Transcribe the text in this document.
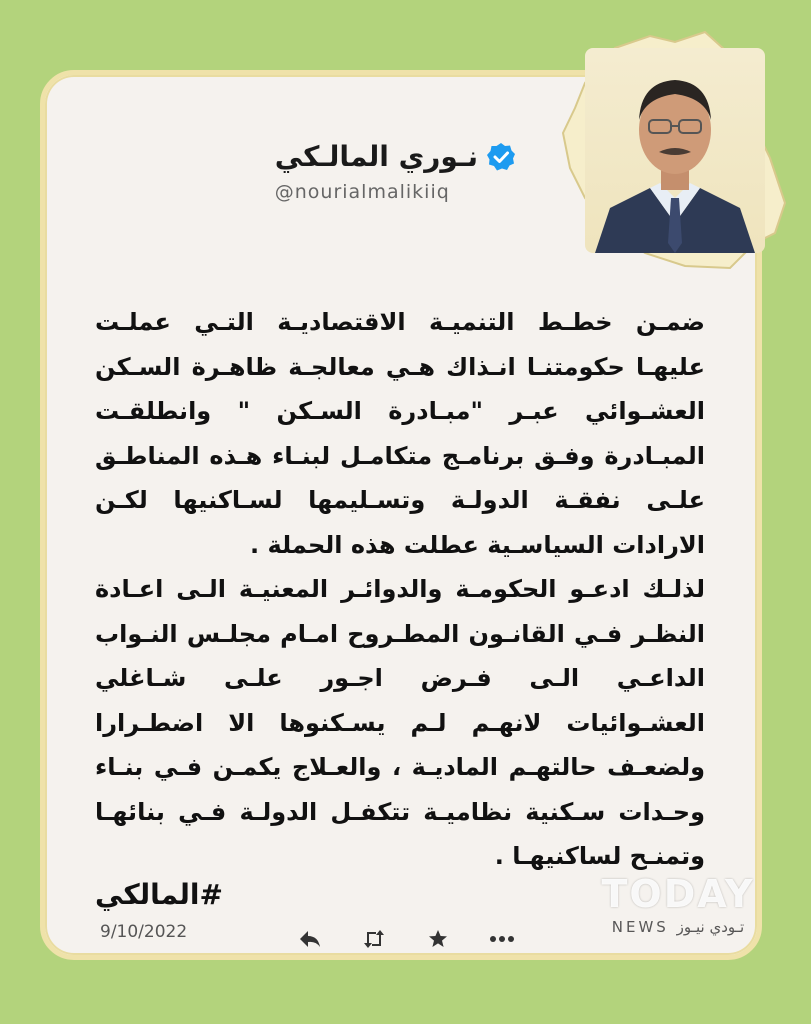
نـوري المالـكي
@nourialmalikiiq

ضمـن خطـط التنميـة الاقتصاديـة التـي عملـت عليهـا حكومتنـا انـذاك هـي معالجـة ظاهـرة السـكن العشـوائي عبـر "مبـادرة السـكن " وانطلقـت المبـادرة وفـق برنامـج متكامـل لبنـاء هـذه المناطـق علـى نفقـة الدولـة وتسـليمها لسـاكنيها لكـن الارادات السياسـية عطلت هذه الحملة .

لذلـك ادعـو الحكومـة والدوائـر المعنيـة الـى اعـادة النظـر فـي القانـون المطـروح امـام مجلـس النـواب الداعـي الـى فـرض اجـور علـى شـاغلي العشـوائيات لانهـم لـم يسـكنوها الا اضطـرارا ولضعـف حالتهـم الماديـة ، والعـلاج يكمـن فـي بنـاء وحـدات سـكنية نظاميـة تتكفـل الدولـة فـي بنائهـا وتمنـح لساكنيهـا .

#المالكي
9/10/2022
TODAY
NEWS تـودي نيـوز
